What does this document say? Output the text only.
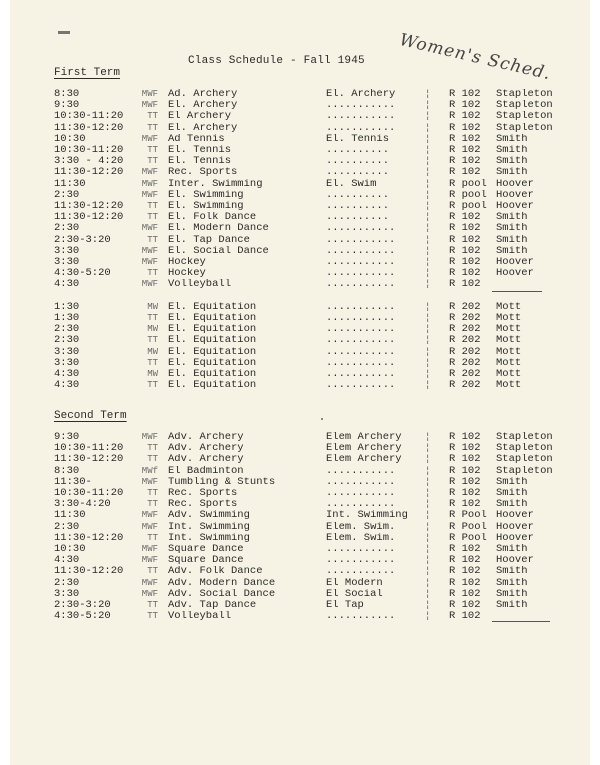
Women's Sched.
Class Schedule - Fall 1945
First Term
Second Term
8:30	MWF Ad. Archery	El. Archery	R 102	Stapleton
¦
9:30	MWF El. Archery	...........	R 102	Stapleton
¦
10:30-11:20	TT El Archery	...........	R 102	Stapleton
¦
11:30-12:20	TT El. Archery	...........	R 102	Stapleton
¦
10:30	MWF Ad Tennis	El. Tennis	R 102	Smith
¦
10:30-11:20	TT El. Tennis	..........	R 102	Smith
¦
3:30 - 4:20	TT El. Tennis	..........	R 102	Smith
¦
11:30-12:20	MWF Rec. Sports	..........	R 102	Smith
¦
11:30	MWF Inter. Swimming	El. Swim	R pool Hoover
¦
2:30	MWF El. Swimming	..........	R pool Hoover
¦
11:30-12:20	TT El. Swimming	..........	R pool Hoover
¦
11:30-12:20	TT El. Folk Dance	..........	R 102	Smith
¦
2:30	MWF El. Modern Dance	...........	R 102	Smith
¦
2:30-3:20	TT El. Tap Dance	...........	R 102	Smith
¦
3:30	MWF El. Social Dance	...........	R 102	Smith
¦
3:30	MWF Hockey	...........	R 102	Hoover
¦
4:30-5:20	TT Hockey	...........	R 102	Hoover
¦
4:30	MWF Volleyball	...........	R 102
¦
1:30	MW El. Equitation	...........	R 202	Mott
¦
1:30	TT El. Equitation	...........	R 202	Mott
¦
2:30	MW El. Equitation	...........	R 202	Mott
¦
2:30	TT El. Equitation	...........	R 202	Mott
¦
3:30	MW El. Equitation	...........	R 202	Mott
¦
3:30	TT El. Equitation	...........	R 202	Mott
¦
4:30	MW El. Equitation	...........	R 202	Mott
¦
4:30	TT El. Equitation	...........	R 202	Mott
¦
9:30	MWF Adv. Archery	Elem Archery	R 102	Stapleton
¦
10:30-11:20	TT Adv. Archery	Elem Archery	R 102	Stapleton
¦
11:30-12:20	TT Adv. Archery	Elem Archery	R 102	Stapleton
¦
8:30	MWf El Badminton	...........	R 102	Stapleton
¦
11:30-	MWF Tumbling & Stunts	...........	R 102	Smith
¦
10:30-11:20	TT Rec. Sports	...........	R 102	Smith
¦
3:30-4:20	TT Rec. Sports	...........	R 102	Smith
¦
11:30	MWF Adv. Swimming	Int. Swimming	R Pool Hoover
¦
2:30	MWF Int. Swimming	Elem. Swim.	R Pool Hoover
¦
11:30-12:20	TT Int. Swimming	Elem. Swim.	R Pool Hoover
¦
10:30	MWF Square Dance	...........	R 102	Smith
¦
4:30	MWF Square Dance	...........	R 102	Hoover
¦
11:30-12:20	TT Adv. Folk Dance	...........	R 102	Smith
¦
2:30	MWF Adv. Modern Dance	El Modern	R 102	Smith
¦
3:30	MWF Adv. Social Dance	El Social	R 102	Smith
¦
2:30-3:20	TT Adv. Tap Dance	El Tap	R 102	Smith
¦
4:30-5:20	TT Volleyball	...........	R 102
¦
